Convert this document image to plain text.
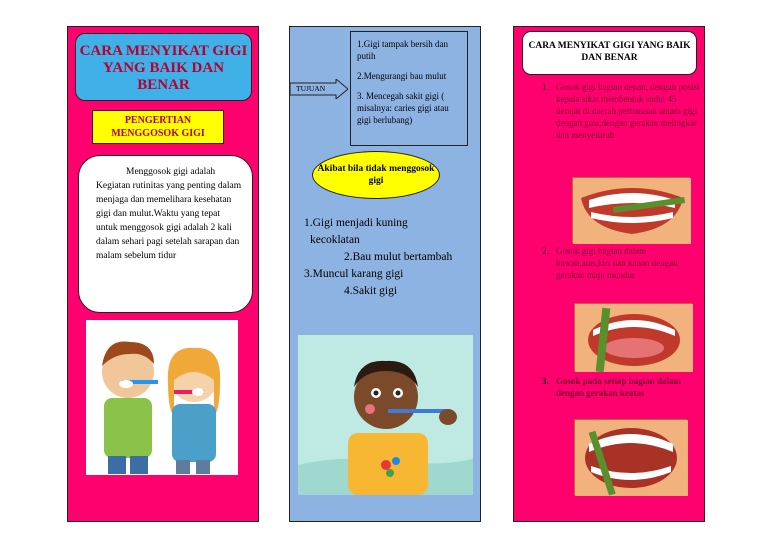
CARA MENYIKAT GIGI YANG BAIK DAN BENAR
PENGERTIAN MENGGOSOK GIGI
Menggosok gigi adalah Kegiatan rutinitas yang penting dalam menjaga dan memelihara kesehatan gigi dan mulut.Waktu yang tepat untuk menggosok gigi adalah 2 kali dalam sehari pagi setelah sarapan dan malam sebelum tidur
TUJUAN

1.Gigi tampak bersih dan putih

2.Mengurangi bau mulut

3. Mencegah sakit gigi ( misalnya: caries gigi atau gigi berlubang)

Akibat bila tidak menggosok gigi
1.Gigi menjadi kuning
kecoklatan
2.Bau mulut bertambah
3.Muncul karang gigi
4.Sakit gigi
CARA MENYIKAT GIGI YANG BAIK DAN BENAR
1. Gosok gigi bagian depan, dengan posisi kepala sikat membentuk sudut 45 derajat di daerah perbatasan antara gigi dengan gusi,dengan gerakan melingkar dan menyeluruh
2. Gosok gigi bagian dalam bawah,atas,kiri dan kanan dengan gerakan maju mundur
3. Gosok pada setiap bagian dalam dengan gerakan keatas
